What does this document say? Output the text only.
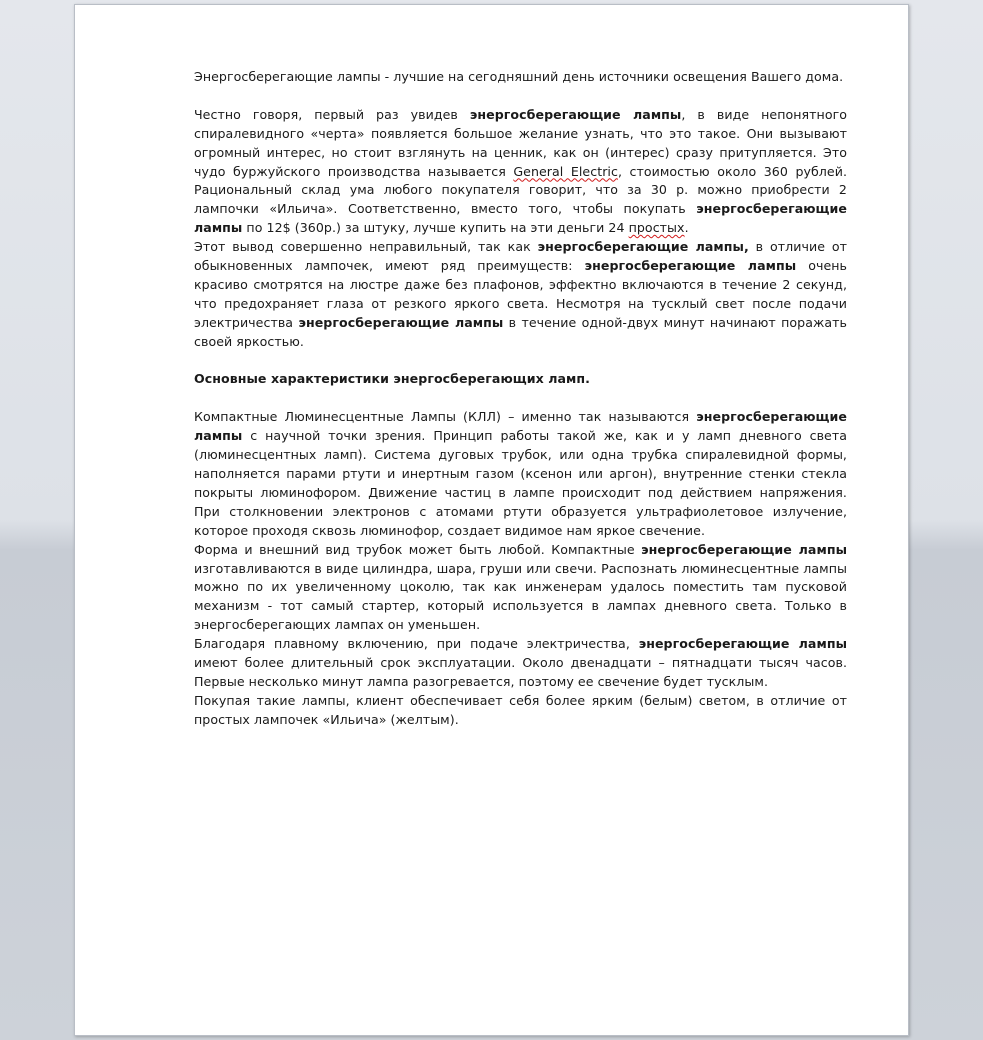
Энергосберегающие лампы - лучшие на сегодняшний день источники освещения Вашего дома.

Честно говоря, первый раз увидев энергосберегающие лампы, в виде непонятного спиралевидного «черта» появляется большое желание узнать, что это такое. Они вызывают огромный интерес, но стоит взглянуть на ценник, как он (интерес) сразу притупляется. Это чудо буржуйского производства называется General Electric, стоимостью около 360 рублей. Рациональный склад ума любого покупателя говорит, что за 30 р. можно приобрести 2 лампочки «Ильича». Соответственно, вместо того, чтобы покупать энергосберегающие лампы по 12$ (360р.) за штуку, лучше купить на эти деньги 24 простых.

Этот вывод совершенно неправильный, так как энергосберегающие лампы, в отличие от обыкновенных лампочек, имеют ряд преимуществ: энергосберегающие лампы очень красиво смотрятся на люстре даже без плафонов, эффектно включаются в течение 2 секунд, что предохраняет глаза от резкого яркого света. Несмотря на тусклый свет после подачи электричества энергосберегающие лампы в течение одной-двух минут начинают поражать своей яркостью.

Основные характеристики энергосберегающих ламп.

Компактные Люминесцентные Лампы (КЛЛ) – именно так называются энергосберегающие лампы с научной точки зрения. Принцип работы такой же, как и у ламп дневного света (люминесцентных ламп). Система дуговых трубок, или одна трубка спиралевидной формы, наполняется парами ртути и инертным газом (ксенон или аргон), внутренние стенки стекла покрыты люминофором. Движение частиц в лампе происходит под действием напряжения. При столкновении электронов с атомами ртути образуется ультрафиолетовое излучение, которое проходя сквозь люминофор, создает видимое нам яркое свечение.

Форма и внешний вид трубок может быть любой. Компактные энергосберегающие лампы изготавливаются в виде цилиндра, шара, груши или свечи. Распознать люминесцентные лампы можно по их увеличенному цоколю, так как инженерам удалось поместить там пусковой механизм - тот самый стартер, который используется в лампах дневного света. Только в энергосберегающих лампах он уменьшен.

Благодаря плавному включению, при подаче электричества, энергосберегающие лампы имеют более длительный срок эксплуатации. Около двенадцати – пятнадцати тысяч часов. Первые несколько минут лампа разогревается, поэтому ее свечение будет тусклым.

Покупая такие лампы, клиент обеспечивает себя более ярким (белым) светом, в отличие от простых лампочек «Ильича» (желтым).
